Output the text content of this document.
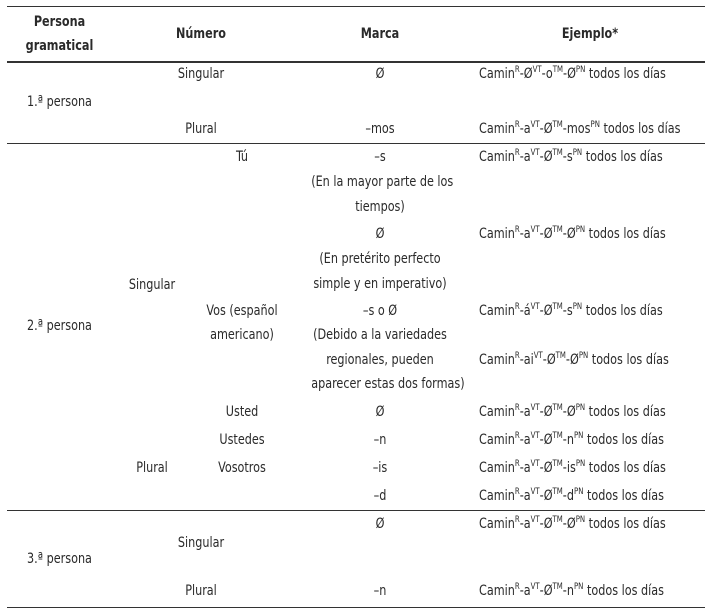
Persona
gramatical
Número	Marca	Ejemplo*
1.ª persona
Singular
Plural
Ø
–mos
$Camin^R-Ø^{VT}-o™-Ø^{PN}$ todos los días
$Camin^R-a^{VT}-Ø™-mos^{PN}$ todos los días
2.ª persona
Singular
Plural
Tú
Vos (español
americano)
Usted
Ustedes
Vosotros
–s
(En la mayor parte de los
tiempos)
Ø
(En pretérito perfecto
simple y en imperativo)
–s o Ø
(Debido a la variedades
regionales, pueden
aparecer estas dos formas)
Ø
–n
–is
–d
$Camin^R-a^{VT}-Ø™-s^{PN}$ todos los días
$Camin^R-a^{VT}-Ø™-Ø^{PN}$ todos los días
$Camin^R-á^{VT}-Ø™-s^{PN}$ todos los días
$Camin^R-ai^{VT}-Ø™-Ø^{PN}$ todos los días
$Camin^R-a^{VT}-Ø™-Ø^{PN}$ todos los días
$Camin^R-a^{VT}-Ø™-n^{PN}$ todos los días
$Camin^R-a^{VT}-Ø™-is^{PN}$ todos los días
$Camin^R-a^{VT}-Ø™-d^{PN}$ todos los días
3.ª persona
Singular
Plural
Ø
–n
$Camin^R-a^{VT}-Ø™-Ø^{PN}$ todos los días
$Camin^R-a^{VT}-Ø™-n^{PN}$ todos los días
